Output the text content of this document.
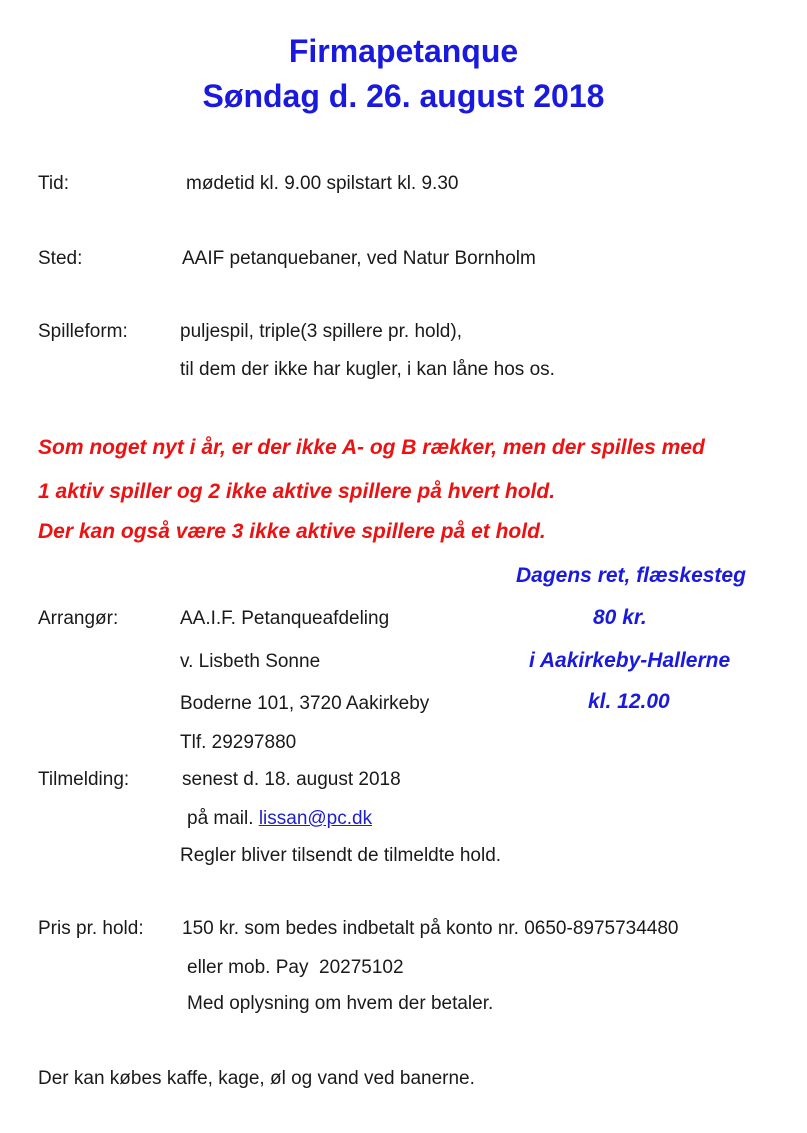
Firmapetanque
Søndag d. 26. august 2018
Tid:	mødetid kl. 9.00 spilstart kl. 9.30
Sted:	AAIF petanquebaner, ved Natur Bornholm
Spilleform:	puljespil, triple(3 spillere pr. hold),
til dem der ikke har kugler, i kan låne hos os.
Som noget nyt i år, er der ikke A- og B rækker, men der spilles med
1 aktiv spiller og 2 ikke aktive spillere på hvert hold.
Der kan også være 3 ikke aktive spillere på et hold.
Dagens ret, flæskesteg
80 kr.
i Aakirkeby-Hallerne
kl. 12.00
Arrangør:	AA.I.F. Petanqueafdeling
v. Lisbeth Sonne
Boderne 101, 3720 Aakirkeby
Tlf. 29297880
Tilmelding:	senest d. 18. august 2018
på mail. lissan@pc.dk
Regler bliver tilsendt de tilmeldte hold.
Pris pr. hold: 150 kr. som bedes indbetalt på konto nr. 0650-8975734480
eller mob. Pay  20275102
Med oplysning om hvem der betaler.
Der kan købes kaffe, kage, øl og vand ved banerne.
